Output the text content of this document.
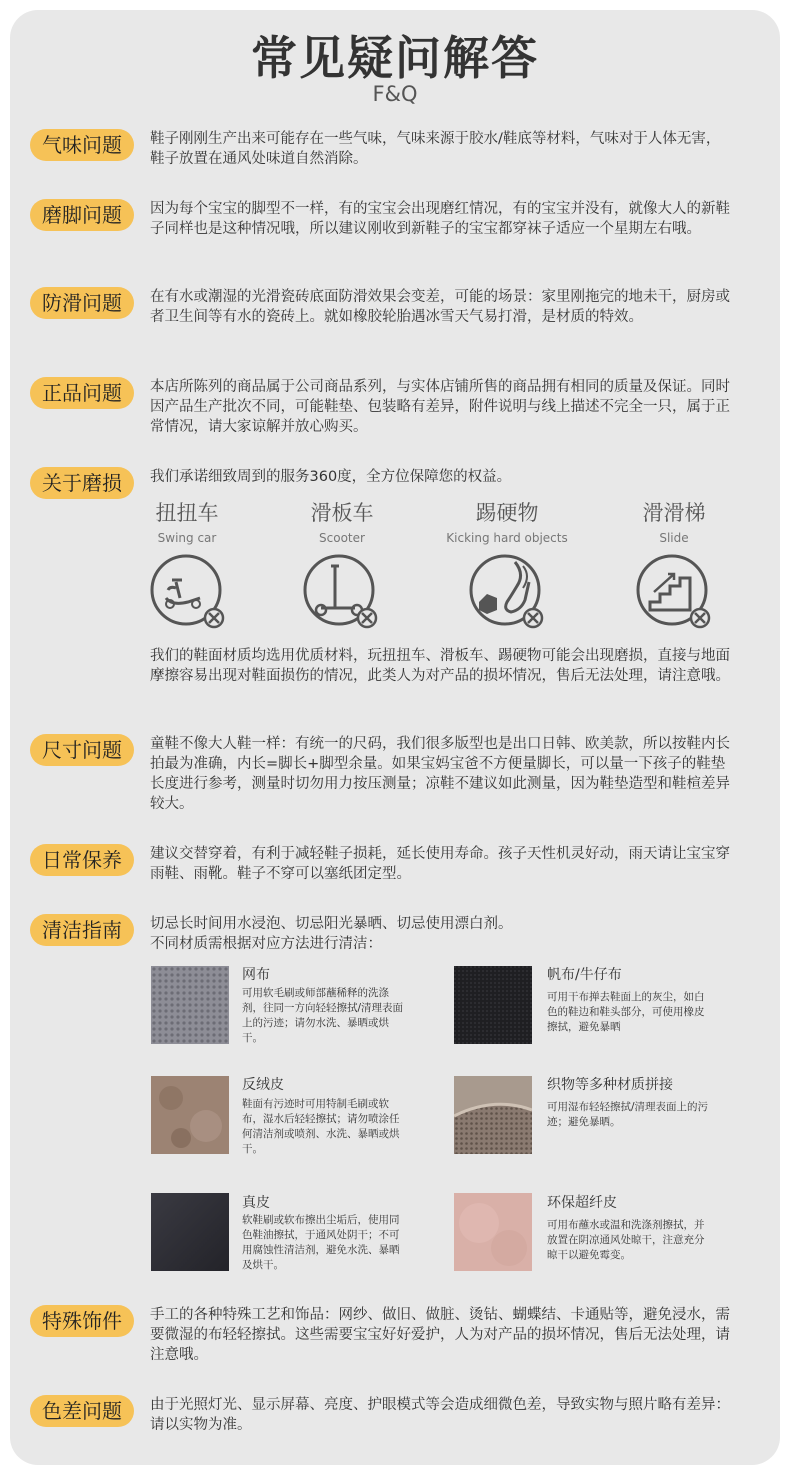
常见疑问解答
F&Q
气味问题	鞋子刚刚生产出来可能存在一些气味，气味来源于胶水/鞋底等材料，气味对于人体无害，鞋子放置在通风处味道自然消除。
磨脚问题	因为每个宝宝的脚型不一样，有的宝宝会出现磨红情况，有的宝宝并没有，就像大人的新鞋子同样也是这种情况哦，所以建议刚收到新鞋子的宝宝都穿袜子适应一个星期左右哦。
防滑问题	在有水或潮湿的光滑瓷砖底面防滑效果会变差，可能的场景：家里刚拖完的地未干，厨房或者卫生间等有水的瓷砖上。就如橡胶轮胎遇冰雪天气易打滑，是材质的特效。
正品问题	本店所陈列的商品属于公司商品系列，与实体店铺所售的商品拥有相同的质量及保证。同时因产品生产批次不同，可能鞋垫、包装略有差异，附件说明与线上描述不完全一只，属于正常情况，请大家谅解并放心购买。
关于磨损	我们承诺细致周到的服务360度，全方位保障您的权益。
扭扭车
Swing car
滑板车
Scooter
踢硬物
Kicking hard objects
滑滑梯
Slide
我们的鞋面材质均选用优质材料，玩扭扭车、滑板车、踢硬物可能会出现磨损，直接与地面摩擦容易出现对鞋面损伤的情况，此类人为对产品的损坏情况，售后无法处理，请注意哦。
尺寸问题	童鞋不像大人鞋一样：有统一的尺码，我们很多版型也是出口日韩、欧美款，所以按鞋内长拍最为准确，内长=脚长+脚型余量。如果宝妈宝爸不方便量脚长，可以量一下孩子的鞋垫长度进行参考，测量时切勿用力按压测量；凉鞋不建议如此测量，因为鞋垫造型和鞋楦差异较大。
日常保养	建议交替穿着，有利于减轻鞋子损耗，延长使用寿命。孩子天性机灵好动，雨天请让宝宝穿雨鞋、雨靴。鞋子不穿可以塞纸团定型。
清洁指南	切忌长时间用水浸泡、切忌阳光暴晒、切忌使用漂白剂。
不同材质需根据对应方法进行清洁：
网布
可用软毛刷或师部蘸稀释的洗涤剂，往同一方向轻轻擦拭/清理表面上的污迹；请勿水洗、暴晒或烘干。
帆布/牛仔布
可用干布掸去鞋面上的灰尘，如白色的鞋边和鞋头部分，可使用橡皮擦拭，避免暴晒
反绒皮
鞋面有污迹时可用特制毛刷或软布，湿水后轻轻擦拭；请勿喷涂任何清洁剂或喷剂、水洗、暴晒或烘干。
织物等多种材质拼接
可用湿布轻轻擦拭/清理表面上的污迹；避免暴晒。
真皮
软鞋刷或软布擦出尘垢后，使用同色鞋油擦拭，于通风处阴干；不可用腐蚀性清洁剂，避免水洗、暴晒及烘干。
环保超纤皮
可用布蘸水或温和洗涤剂擦拭，并放置在阴凉通风处晾干，注意充分晾干以避免霉变。
特殊饰件	手工的各种特殊工艺和饰品：网纱、做旧、做脏、烫钻、蝴蝶结、卡通贴等，避免浸水，需要微湿的布轻轻擦拭。这些需要宝宝好好爱护，人为对产品的损坏情况，售后无法处理，请注意哦。
色差问题	由于光照灯光、显示屏幕、亮度、护眼模式等会造成细微色差，导致实物与照片略有差异：请以实物为准。
